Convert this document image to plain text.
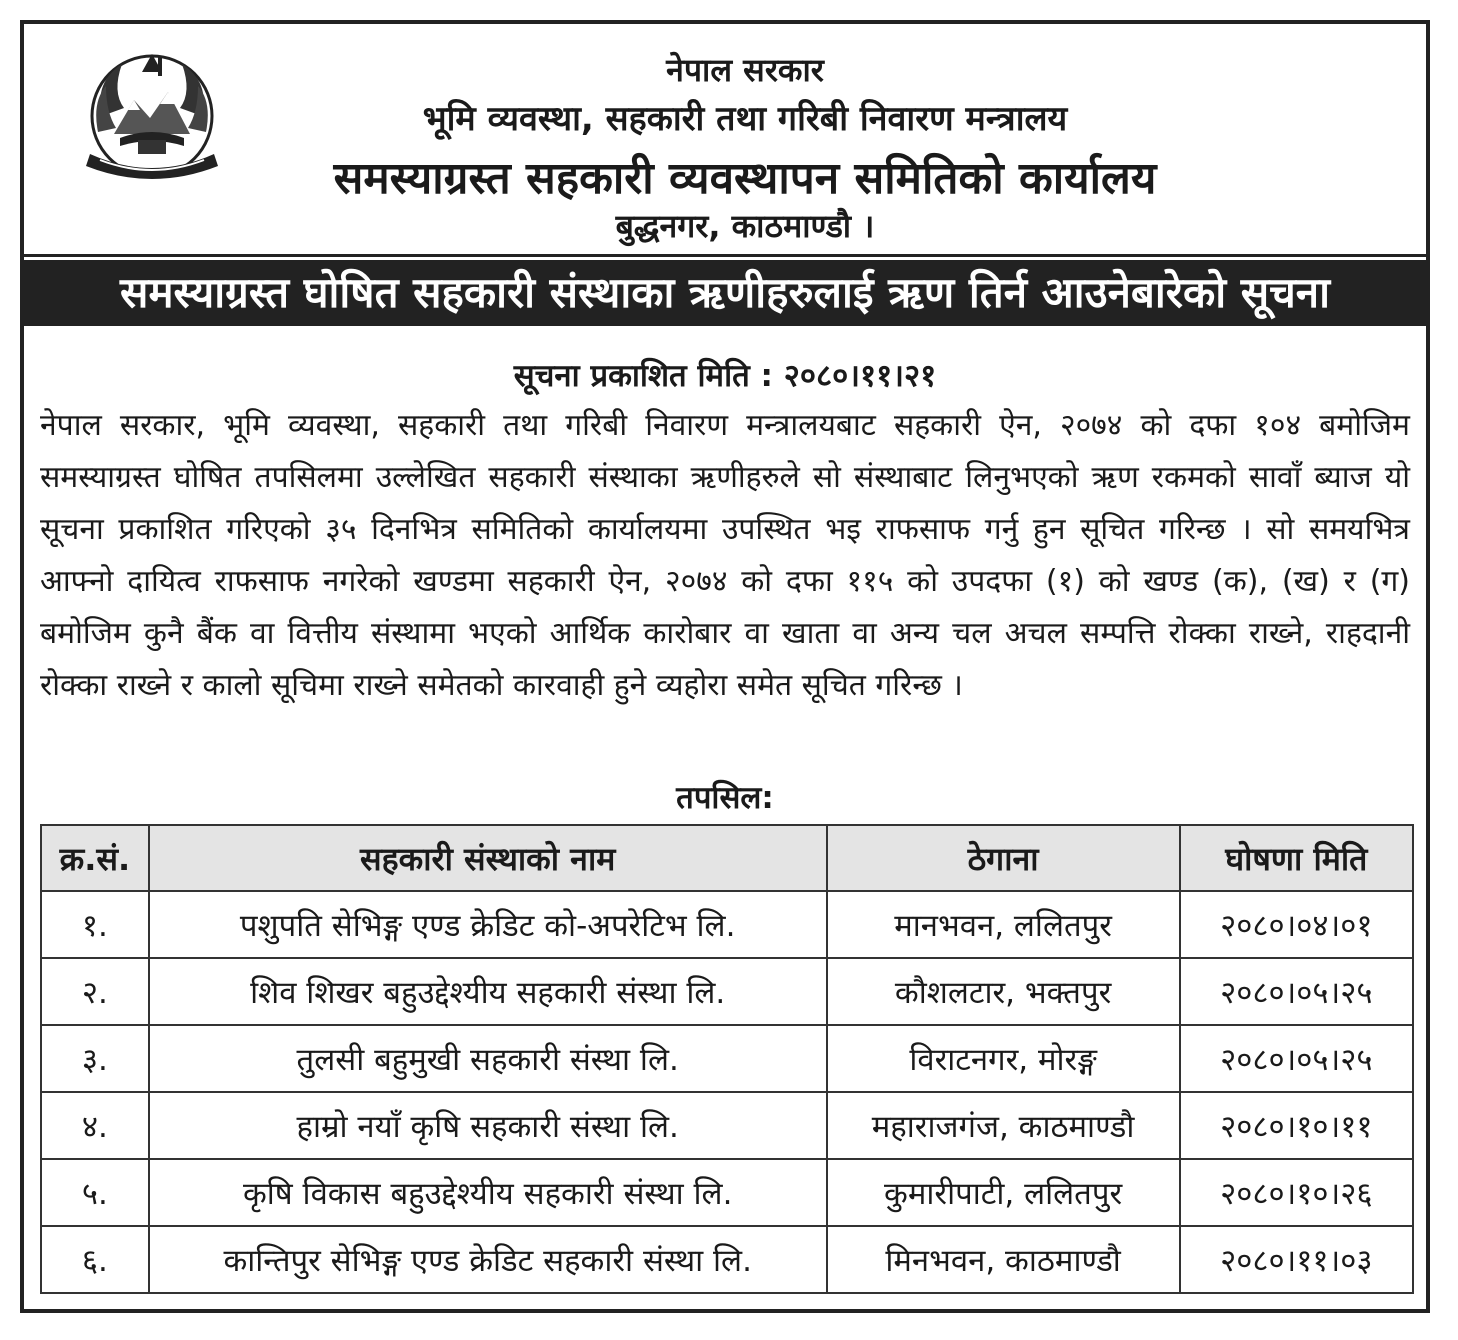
नेपाल सरकार
भूमि व्यवस्था, सहकारी तथा गरिबी निवारण मन्त्रालय
समस्याग्रस्त सहकारी व्यवस्थापन समितिको कार्यालय
बुद्धनगर, काठमाण्डौ ।
समस्याग्रस्त घोषित सहकारी संस्थाका ऋणीहरुलाई ऋण तिर्न आउनेबारेको सूचना
सूचना प्रकाशित मिति : २०८०।११।२१
नेपाल सरकार, भूमि व्यवस्था, सहकारी तथा गरिबी निवारण मन्त्रालयबाट सहकारी ऐन, २०७४ को दफा १०४ बमोजिम समस्याग्रस्त घोषित तपसिलमा उल्लेखित सहकारी संस्थाका ऋणीहरुले सो संस्थाबाट लिनुभएको ऋण रकमको सावाँ ब्याज यो सूचना प्रकाशित गरिएको ३५ दिनभित्र समितिको कार्यालयमा उपस्थित भइ राफसाफ गर्नु हुन सूचित गरिन्छ । सो समयभित्र आफ्नो दायित्व राफसाफ नगरेको खण्डमा सहकारी ऐन, २०७४ को दफा ११५ को उपदफा (१) को खण्ड (क), (ख) र (ग) बमोजिम कुनै बैंक वा वित्तीय संस्थामा भएको आर्थिक कारोबार वा खाता वा अन्य चल अचल सम्पत्ति रोक्का राख्ने, राहदानी रोक्का राख्ने र कालो सूचिमा राख्ने समेतको कारवाही हुने व्यहोरा समेत सूचित गरिन्छ ।
तपसिल:
क्र.सं.	सहकारी संस्थाको नाम	ठेगाना	घोषणा मिति
१.	पशुपति सेभिङ्ग एण्ड क्रेडिट को-अपरेटिभ लि.	मानभवन, ललितपुर	२०८०।०४।०१
२.	शिव शिखर बहुउद्देश्यीय सहकारी संस्था लि.	कौशलटार, भक्तपुर	२०८०।०५।२५
३.	तुलसी बहुमुखी सहकारी संस्था लि.	विराटनगर, मोरङ्ग	२०८०।०५।२५
४.	हाम्रो नयाँ कृषि सहकारी संस्था लि.	महाराजगंज, काठमाण्डौ	२०८०।१०।११
५.	कृषि विकास बहुउद्देश्यीय सहकारी संस्था लि.	कुमारीपाटी, ललितपुर	२०८०।१०।२६
६.	कान्तिपुर सेभिङ्ग एण्ड क्रेडिट सहकारी संस्था लि.	मिनभवन, काठमाण्डौ	२०८०।११।०३
